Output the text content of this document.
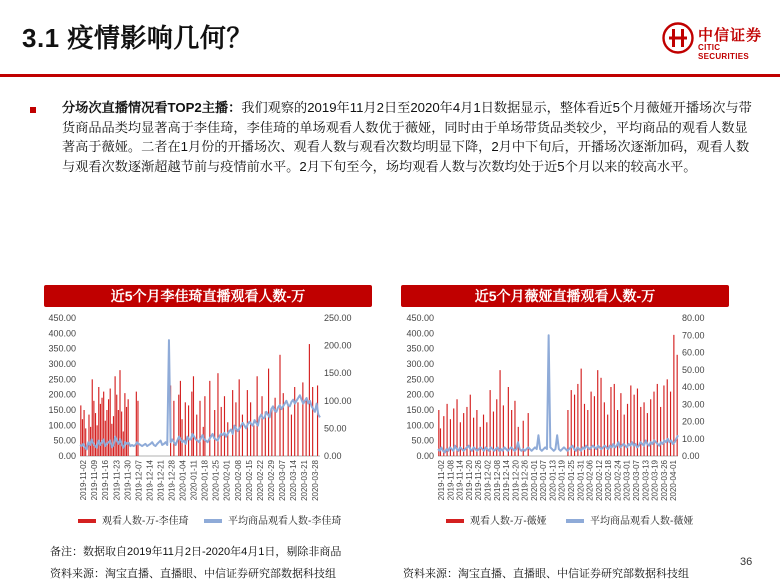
3.1 疫情影响几何？	中信证券
CITIC SECURITIES
分场次直播情况看TOP2主播：我们观察的2019年11月2日至2020年4月1日数据显示，整体看近5个月薇娅开播场次与带货商品品类均显著高于李佳琦，李佳琦的单场观看人数优于薇娅，同时由于单场带货品类较少，平均商品的观看人数显著高于薇娅。二者在1月份的开播场次、观看人数与观看次数均明显下降，2月中下旬后，开播场次逐渐加码，观看人数与观看次数逐渐超越节前与疫情前水平。2月下旬至今，场均观看人数与次数均处于近5个月以来的较高水平。
近5个月李佳琦直播观看人数-万	近5个月薇娅直播观看人数-万
0.00
50.00
100.00
150.00
200.00
250.00
300.00
350.00
400.00
450.00
0.00
50.00
100.00
150.00
200.00
250.00
2019-11-02 2019-11-09 2019-11-16 2019-11-23 2019-11-30 2019-12-07 2019-12-14 2019-12-21 2019-12-28 2020-01-04 2020-01-11 2020-01-18 2020-01-25 2020-02-01 2020-02-08 2020-02-15 2020-02-22 2020-02-29 2020-03-07 2020-03-14 2020-03-21 2020-03-28
观看人数-万-李佳琦	平均商品观看人数-李佳琦
0.00
50.00
100.00
150.00
200.00
250.00
300.00
350.00
400.00
450.00
0.00
10.00
20.00
30.00
40.00
50.00
60.00
70.00
80.00
2019-11-02 2019-11-08 2019-11-14 2019-11-20 2019-11-26 2019-12-02 2019-12-08 2019-12-14 2019-12-20 2019-12-26 2020-01-01 2020-01-07 2020-01-13 2020-01-19 2020-01-25 2020-01-31 2020-02-06 2020-02-12 2020-02-18 2020-02-24 2020-03-01 2020-03-07 2020-03-13 2020-03-19 2020-03-26 2020-04-01
观看人数-万-薇娅	平均商品观看人数-薇娅
备注：数据取自2019年11月2日-2020年4月1日，剔除非商品
资料来源：淘宝直播、直播眼、中信证券研究部数据科技组	资料来源：淘宝直播、直播眼、中信证券研究部数据科技组
36
